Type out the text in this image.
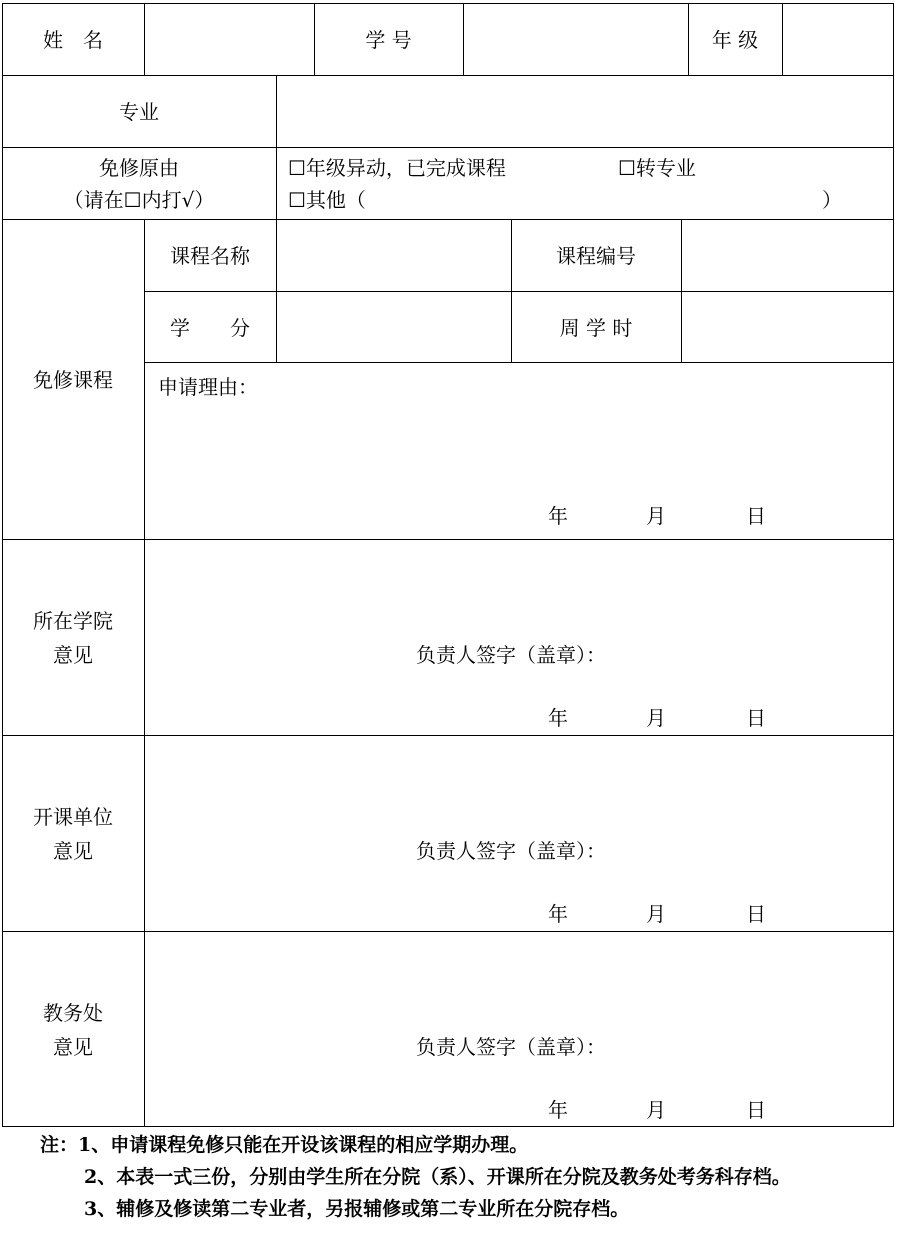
姓　名	学 号	年 级
专业
免修原由
（请在☐内打√）
☐年级异动，已完成课程	☐转专业
☐其他（	）
免修课程
课程名称	课程编号
学　　分	周 学 时
申请理由：
年	月	日
所在学院
意见	负责人签字（盖章）：
年	月	日
开课单位
意见	负责人签字（盖章）：
年	月	日
教务处
意见	负责人签字（盖章）：
年	月	日
注：1、申请课程免修只能在开设该课程的相应学期办理。
2、本表一式三份，分别由学生所在分院（系）、开课所在分院及教务处考务科存档。
3、辅修及修读第二专业者，另报辅修或第二专业所在分院存档。
